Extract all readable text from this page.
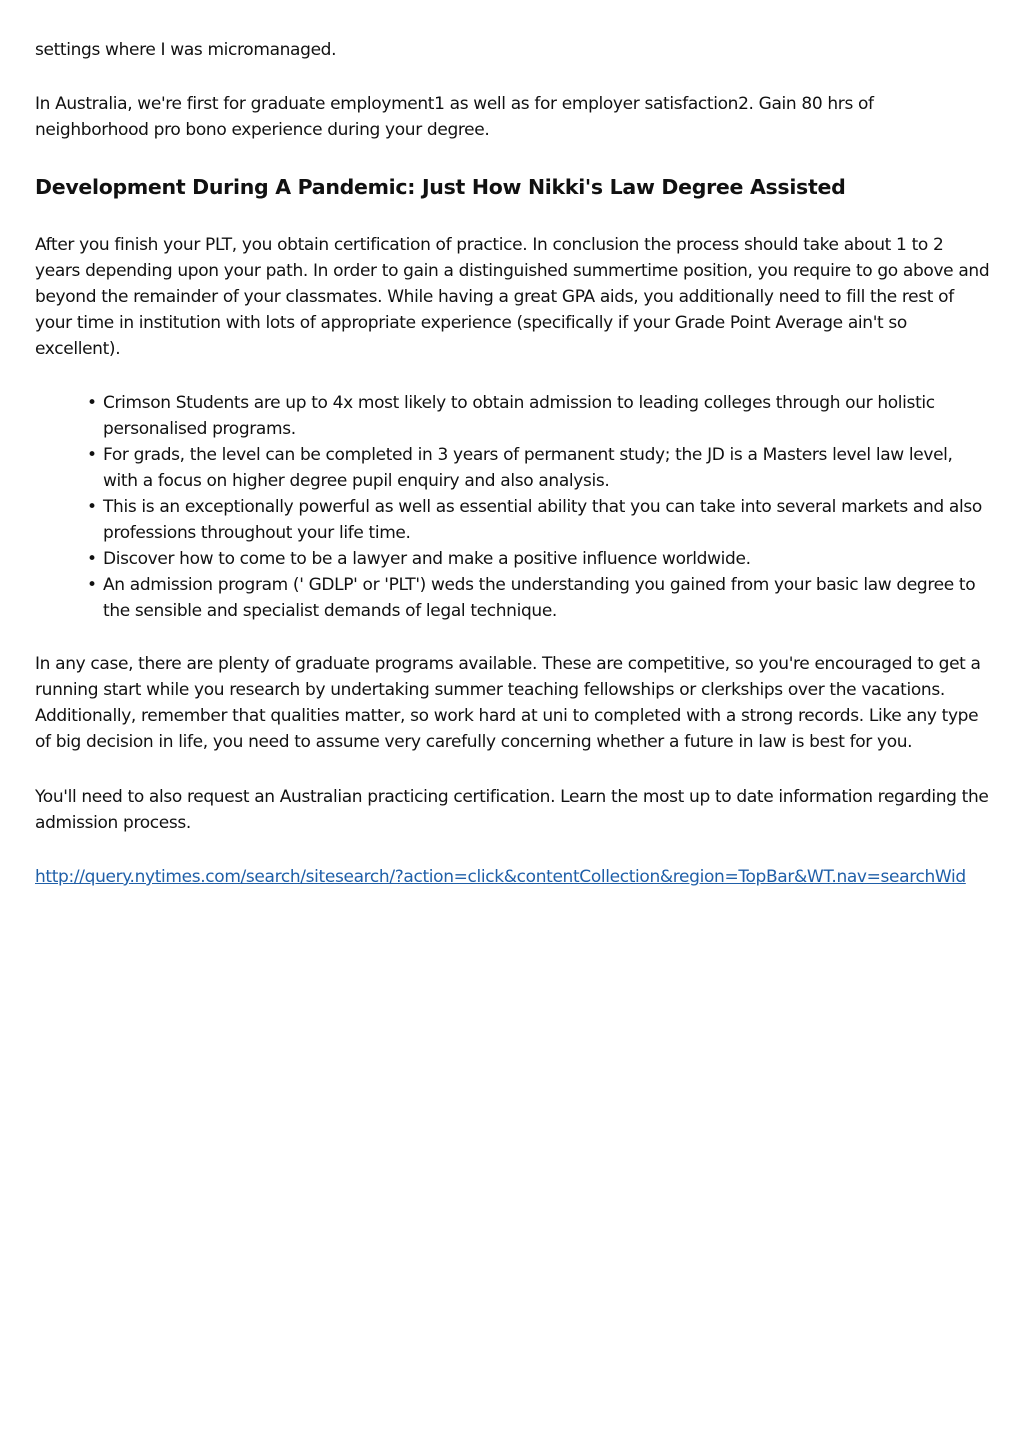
settings where I was micromanaged.

In Australia, we're first for graduate employment1 as well as for employer satisfaction2. Gain 80 hrs of neighborhood pro bono experience during your degree.

Development During A Pandemic: Just How Nikki's Law Degree Assisted

After you finish your PLT, you obtain certification of practice. In conclusion the process should take about 1 to 2 years depending upon your path. In order to gain a distinguished summertime position, you require to go above and beyond the remainder of your classmates. While having a great GPA aids, you additionally need to fill the rest of your time in institution with lots of appropriate experience (specifically if your Grade Point Average ain't so excellent).

• Crimson Students are up to 4x most likely to obtain admission to leading colleges through our holistic personalised programs.
• For grads, the level can be completed in 3 years of permanent study; the JD is a Masters level law level, with a focus on higher degree pupil enquiry and also analysis.
• This is an exceptionally powerful as well as essential ability that you can take into several markets and also professions throughout your life time.
• Discover how to come to be a lawyer and make a positive influence worldwide.
• An admission program (' GDLP' or 'PLT') weds the understanding you gained from your basic law degree to the sensible and specialist demands of legal technique.

In any case, there are plenty of graduate programs available. These are competitive, so you're encouraged to get a running start while you research by undertaking summer teaching fellowships or clerkships over the vacations. Additionally, remember that qualities matter, so work hard at uni to completed with a strong records. Like any type of big decision in life, you need to assume very carefully concerning whether a future in law is best for you.

You'll need to also request an Australian practicing certification. Learn the most up to date information regarding the admission process.

http://query.nytimes.com/search/sitesearch/?action=click&contentCollection&region=TopBar&WT.nav=searchWid
